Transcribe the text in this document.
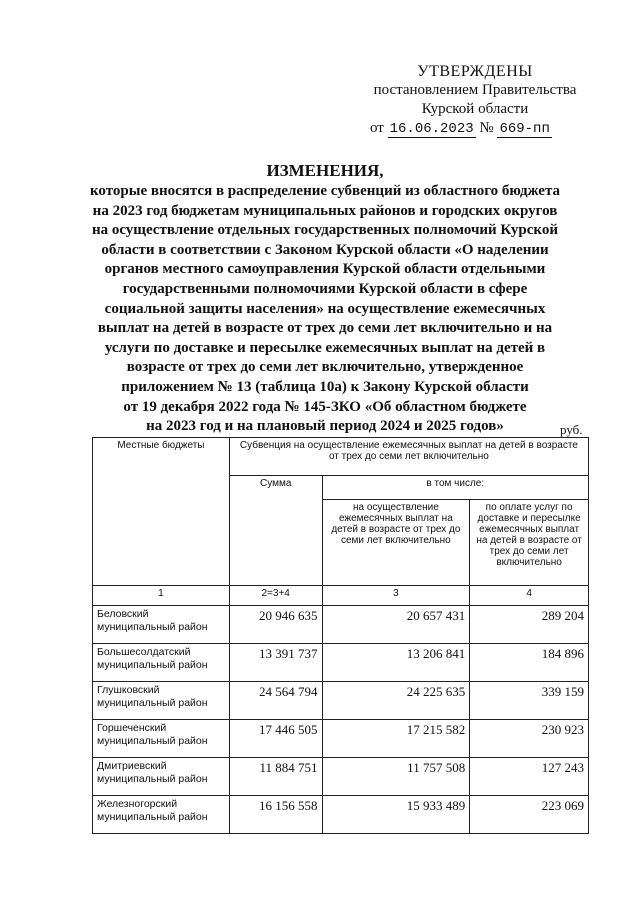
УТВЕРЖДЕНЫ
постановлением Правительства
Курской области
от 16.06.2023 № 669-пп
ИЗМЕНЕНИЯ,
которые вносятся в распределение субвенций из областного бюджета
на 2023 год бюджетам муниципальных районов и городских округов
на осуществление отдельных государственных полномочий Курской
области в соответствии с Законом Курской области «О наделении
органов местного самоуправления Курской области отдельными
государственными полномочиями Курской области в сфере
социальной защиты населения» на осуществление ежемесячных
выплат на детей в возрасте от трех до семи лет включительно и на
услуги по доставке и пересылке ежемесячных выплат на детей в
возрасте от трех до семи лет включительно, утвержденное
приложением № 13 (таблица 10а) к Закону Курской области
от 19 декабря 2022 года № 145-ЗКО «Об областном бюджете
на 2023 год и на плановый период 2024 и 2025 годов»	руб.
Местные бюджеты	Субвенция на осуществление ежемесячных выплат на детей в возрасте от трех до семи лет включительно		
	Сумма	в том числе:	
		на осуществление ежемесячных выплат на детей в возрасте от трех до семи лет включительно	по оплате услуг по доставке и пересылке ежемесячных выплат на детей в возрасте от трех до семи лет включительно
1	2=3+4	3	4
Беловский муниципальный район	20 946 635	20 657 431	289 204
Большесолдатский муниципальный район	13 391 737	13 206 841	184 896
Глушковский муниципальный район	24 564 794	24 225 635	339 159
Горшеченский муниципальный район	17 446 505	17 215 582	230 923
Дмитриевский муниципальный район	11 884 751	11 757 508	127 243
Железногорский муниципальный район	16 156 558	15 933 489	223 069
